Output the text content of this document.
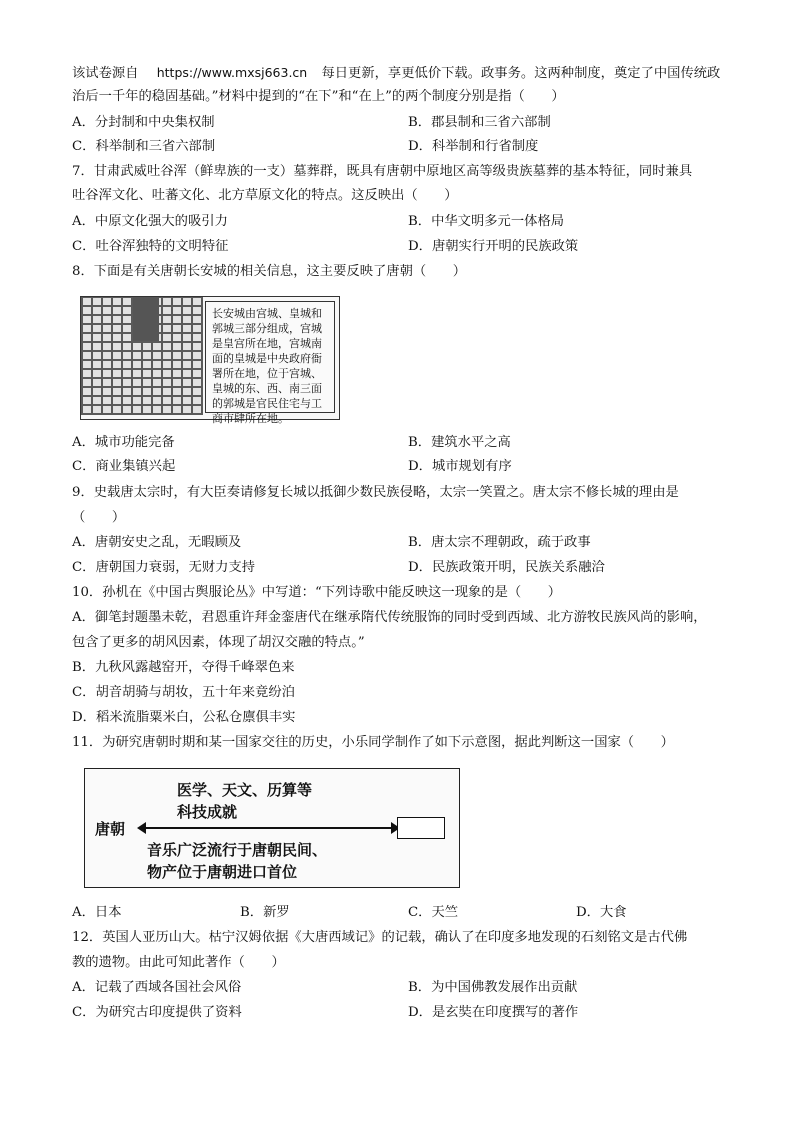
该试卷源自 https://www.mxsj663.cn 每日更新，享更低价下载。政事务。这两种制度，奠定了中国传统政
治后一千年的稳固基础。”材料中提到的“在下”和“在上”的两个制度分别是指（　　）
A．分封制和中央集权制	B．郡县制和三省六部制
C．科举制和三省六部制	D．科举制和行省制度
7．甘肃武威吐谷浑（鲜卑族的一支）墓葬群，既具有唐朝中原地区高等级贵族墓葬的基本特征，同时兼具
吐谷浑文化、吐蕃文化、北方草原文化的特点。这反映出（　　）
A．中原文化强大的吸引力	B．中华文明多元一体格局
C．吐谷浑独特的文明特征	D．唐朝实行开明的民族政策
8．下面是有关唐朝长安城的相关信息，这主要反映了唐朝（　　）
长安城由宫城、皇城和郭城三部分组成，宫城是皇宫所在地，宫城南面的皇城是中央政府衙署所在地，位于宫城、皇城的东、西、南三面的郭城是官民住宅与工商市肆所在地。
A．城市功能完备	B．建筑水平之高
C．商业集镇兴起	D．城市规划有序
9．史载唐太宗时，有大臣奏请修复长城以抵御少数民族侵略，太宗一笑置之。唐太宗不修长城的理由是
（　　）
A．唐朝安史之乱，无暇顾及	B．唐太宗不理朝政，疏于政事
C．唐朝国力衰弱，无财力支持	D．民族政策开明，民族关系融洽
10．孙机在《中国古舆服论丛》中写道：“下列诗歌中能反映这一现象的是（　　）
A．御笔封题墨未乾，君恩重许拜金銮唐代在继承隋代传统服饰的同时受到西域、北方游牧民族风尚的影响，
包含了更多的胡风因素，体现了胡汉交融的特点。”
B．九秋风露越窑开，夺得千峰翠色来
C．胡音胡骑与胡妆，五十年来竟纷泊
D．稻米流脂粟米白，公私仓廪俱丰实
11．为研究唐朝时期和某一国家交往的历史，小乐同学制作了如下示意图，据此判断这一国家（　　）
医学、天文、历算等
科技成就
唐朝
音乐广泛流行于唐朝民间、
物产位于唐朝进口首位
A．日本	B．新罗	C．天竺	D．大食
12．英国人亚历山大。枯宁汉姆依据《大唐西域记》的记载，确认了在印度多地发现的石刻铭文是古代佛
教的遗物。由此可知此著作（　　）
A．记载了西域各国社会风俗	B．为中国佛教发展作出贡献
C．为研究古印度提供了资料	D．是玄奘在印度撰写的著作
